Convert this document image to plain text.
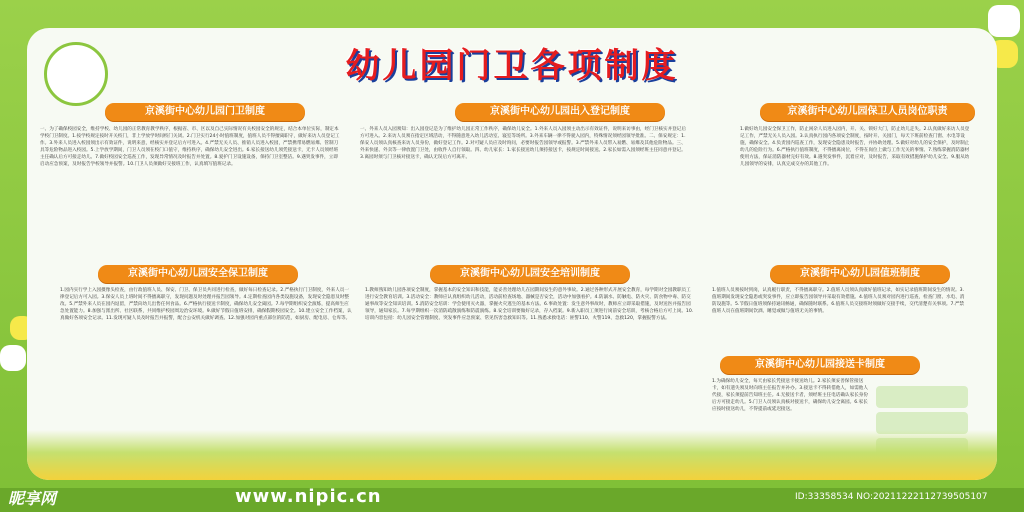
幼儿园门卫各项制度
京溪街中心幼儿园门卫制度	京溪街中心幼儿园出入登记制度	京溪街中心幼儿园保卫人员岗位职责

一、为了确保校园安全，维持学校、幼儿园的正常教育教学秩序，根据省、市、区以及自己实际情况有关校园安全的规定，结合本单位实际，制定本学校门卫制度。1.按学校规定按时开关校门，非上学放学时间校门关闭。2.门卫实行24小时值班制度，值班人员不得擅离职守，做好来访人员登记工作。3.外来人员进入校园须出示有效证件，说明来意，经核实并登记后方可进入。4.严禁无关人员、推销人员进入校园，严禁携带易燃易爆、管制刀具等危险物品进入校园。5.上学放学期间，门卫人员须在校门口值守，维持秩序，确保幼儿安全进出。6.家长接送幼儿须凭接送卡，无卡人员须经班主任确认后方可接走幼儿。7.做好校园安全巡查工作，发现异常情况及时报告并处置。8.爱护门卫设施设备，保持门卫室整洁。9.遇突发事件，立即启动应急预案，及时报告学校领导并报警。10.门卫人员须做好交接班工作，认真填写值班记录。

一、外来人员入园须知：出入园登记是为了维护幼儿园正常工作秩序，确保幼儿安全。1.外来人员入园须主动出示有效证件，说明来访事由，经门卫核实并登记后方可进入。2.来访人员须在指定区域活动，不得随意进入幼儿活动室、寝室等场所。3.外来车辆一律不得驶入园内，特殊情况须经园领导批准。二、保安规定：1.保安人员须认真核查来访人员身份，做好登记工作。2.对可疑人员应及时询问，必要时报告园领导或报警。3.严禁外来人员带入易燃、易爆及其他危险物品。三、外来快递、外卖等一律放置门卫处，由收件人自行领取。四、幼儿家长：1.家长接送幼儿须持接送卡，按规定时间接送。2.家长如需入园须经班主任同意并登记。3.离园时须与门卫核对接送卡，确认无误后方可离开。

1.做好幼儿园安全保卫工作，防止闲杂人员进入园内，开、关、锁好大门，防止幼儿走失。2.认真做好来访人员登记工作，严禁无关人员入园。3.认真执行园内各项安全制度，按时开、关园门，每天下班前检查门窗、水电等设施，确保安全。4.负责园内巡查工作，发现安全隐患及时报告，并协助处理。5.做好对幼儿的安全保护，及时制止幼儿的危险行为。6.严格执行值班制度，不得擅离岗位，不得在岗位上做与工作无关的事情。7.熟练掌握消防器材使用方法，保证消防器材完好有效。8.遇突发事件，沉着应对，及时报告，采取有效措施保护幼儿安全。9.服从幼儿园领导的安排，认真完成交办的其他工作。

京溪街中心幼儿园安全保卫制度	京溪街中心幼儿园安全培训制度	京溪街中心幼儿园值班制度

1.园内实行学上入园摄像头检查，由行政值班人员、保安、门卫、保卫员共同进行检查，做好每日检查记录。2.严格执行门卫制度，外来人员一律登记后方可入园。3.保安人员上班时间不得擅离职守，发现问题及时处理并报告园领导。4.定期检查园内各类设施设备，发现安全隐患及时整改。5.严禁外来人员在园内逗留，严禁向幼儿出售任何食品。6.严格执行接送卡制度，确保幼儿安全离园。7.每学期组织安全演练，提高师生应急处置能力。8.加强与派出所、社区联系，共同维护校园周边治安环境。9.做好节假日值班安排，确保假期校园安全。10.建立安全工作档案，认真做好各项安全记录。11.发现可疑人员及时报告并报警，配合公安机关做好调查。12.加强对园内重点部位的防范，如厨房、配电房、仓库等。

1.教师熟知幼儿园各项安全制度，掌握基本的安全知识和技能，能妥善处理幼儿在园期间发生的意外事故。2.通过各种形式开展安全教育，每学期对全园教职员工进行安全教育培训。3.活动安全：教师应认真组织幼儿活动，活动前检查场地、器械是否安全，活动中加强看护。4.防溺水、防触电、防火灾、防食物中毒、防交通事故等安全知识培训。5.消防安全培训：学会使用灭火器，掌握火灾逃生的基本方法。6.事故处置：发生意外事故时，教师应立即采取措施，及时送医并报告园领导，通知家长。7.每学期组织一次消防疏散演练和防震演练。8.安全培训要做好记录，存入档案。9.新入职员工须进行岗前安全培训，考核合格后方可上岗。10.培训内容包括：幼儿园安全管理制度、突发事件应急预案、常见伤害急救知识等。11.熟悉求救电话：匪警110、火警119、急救120，掌握报警方法。

1.值班人员须按时到岗，认真履行职责，不得擅离职守。2.值班人员须认真做好值班记录，如实记录值班期间发生的情况。3.值班期间发现安全隐患或突发事件，应立即报告园领导并采取有效措施。4.值班人员须对园内进行巡查，检查门窗、水电、消防设施等。5.节假日值班须保持通讯畅通，确保随时联系。6.值班人员交接班时须做好交接手续，交代清楚有关事项。7.严禁值班人员在值班期间饮酒、睡觉或做与值班无关的事情。

京溪街中心幼儿园接送卡制度

1.为确保幼儿安全，每天由家长凭接送卡接送幼儿。2.家长须妥善保管接送卡，如有遗失须及时向班主任报告并补办。3.接送卡不得转借他人，如需他人代接，家长须提前告知班主任。4.无接送卡者，须经班主任电话确认家长身份后方可接走幼儿。5.门卫人员须认真核对接送卡，确保幼儿安全离园。6.家长应按时接送幼儿，不得提前或延迟接送。

昵享网	www.nipic.cn	ID:33358534 NO:20211222112739505107
